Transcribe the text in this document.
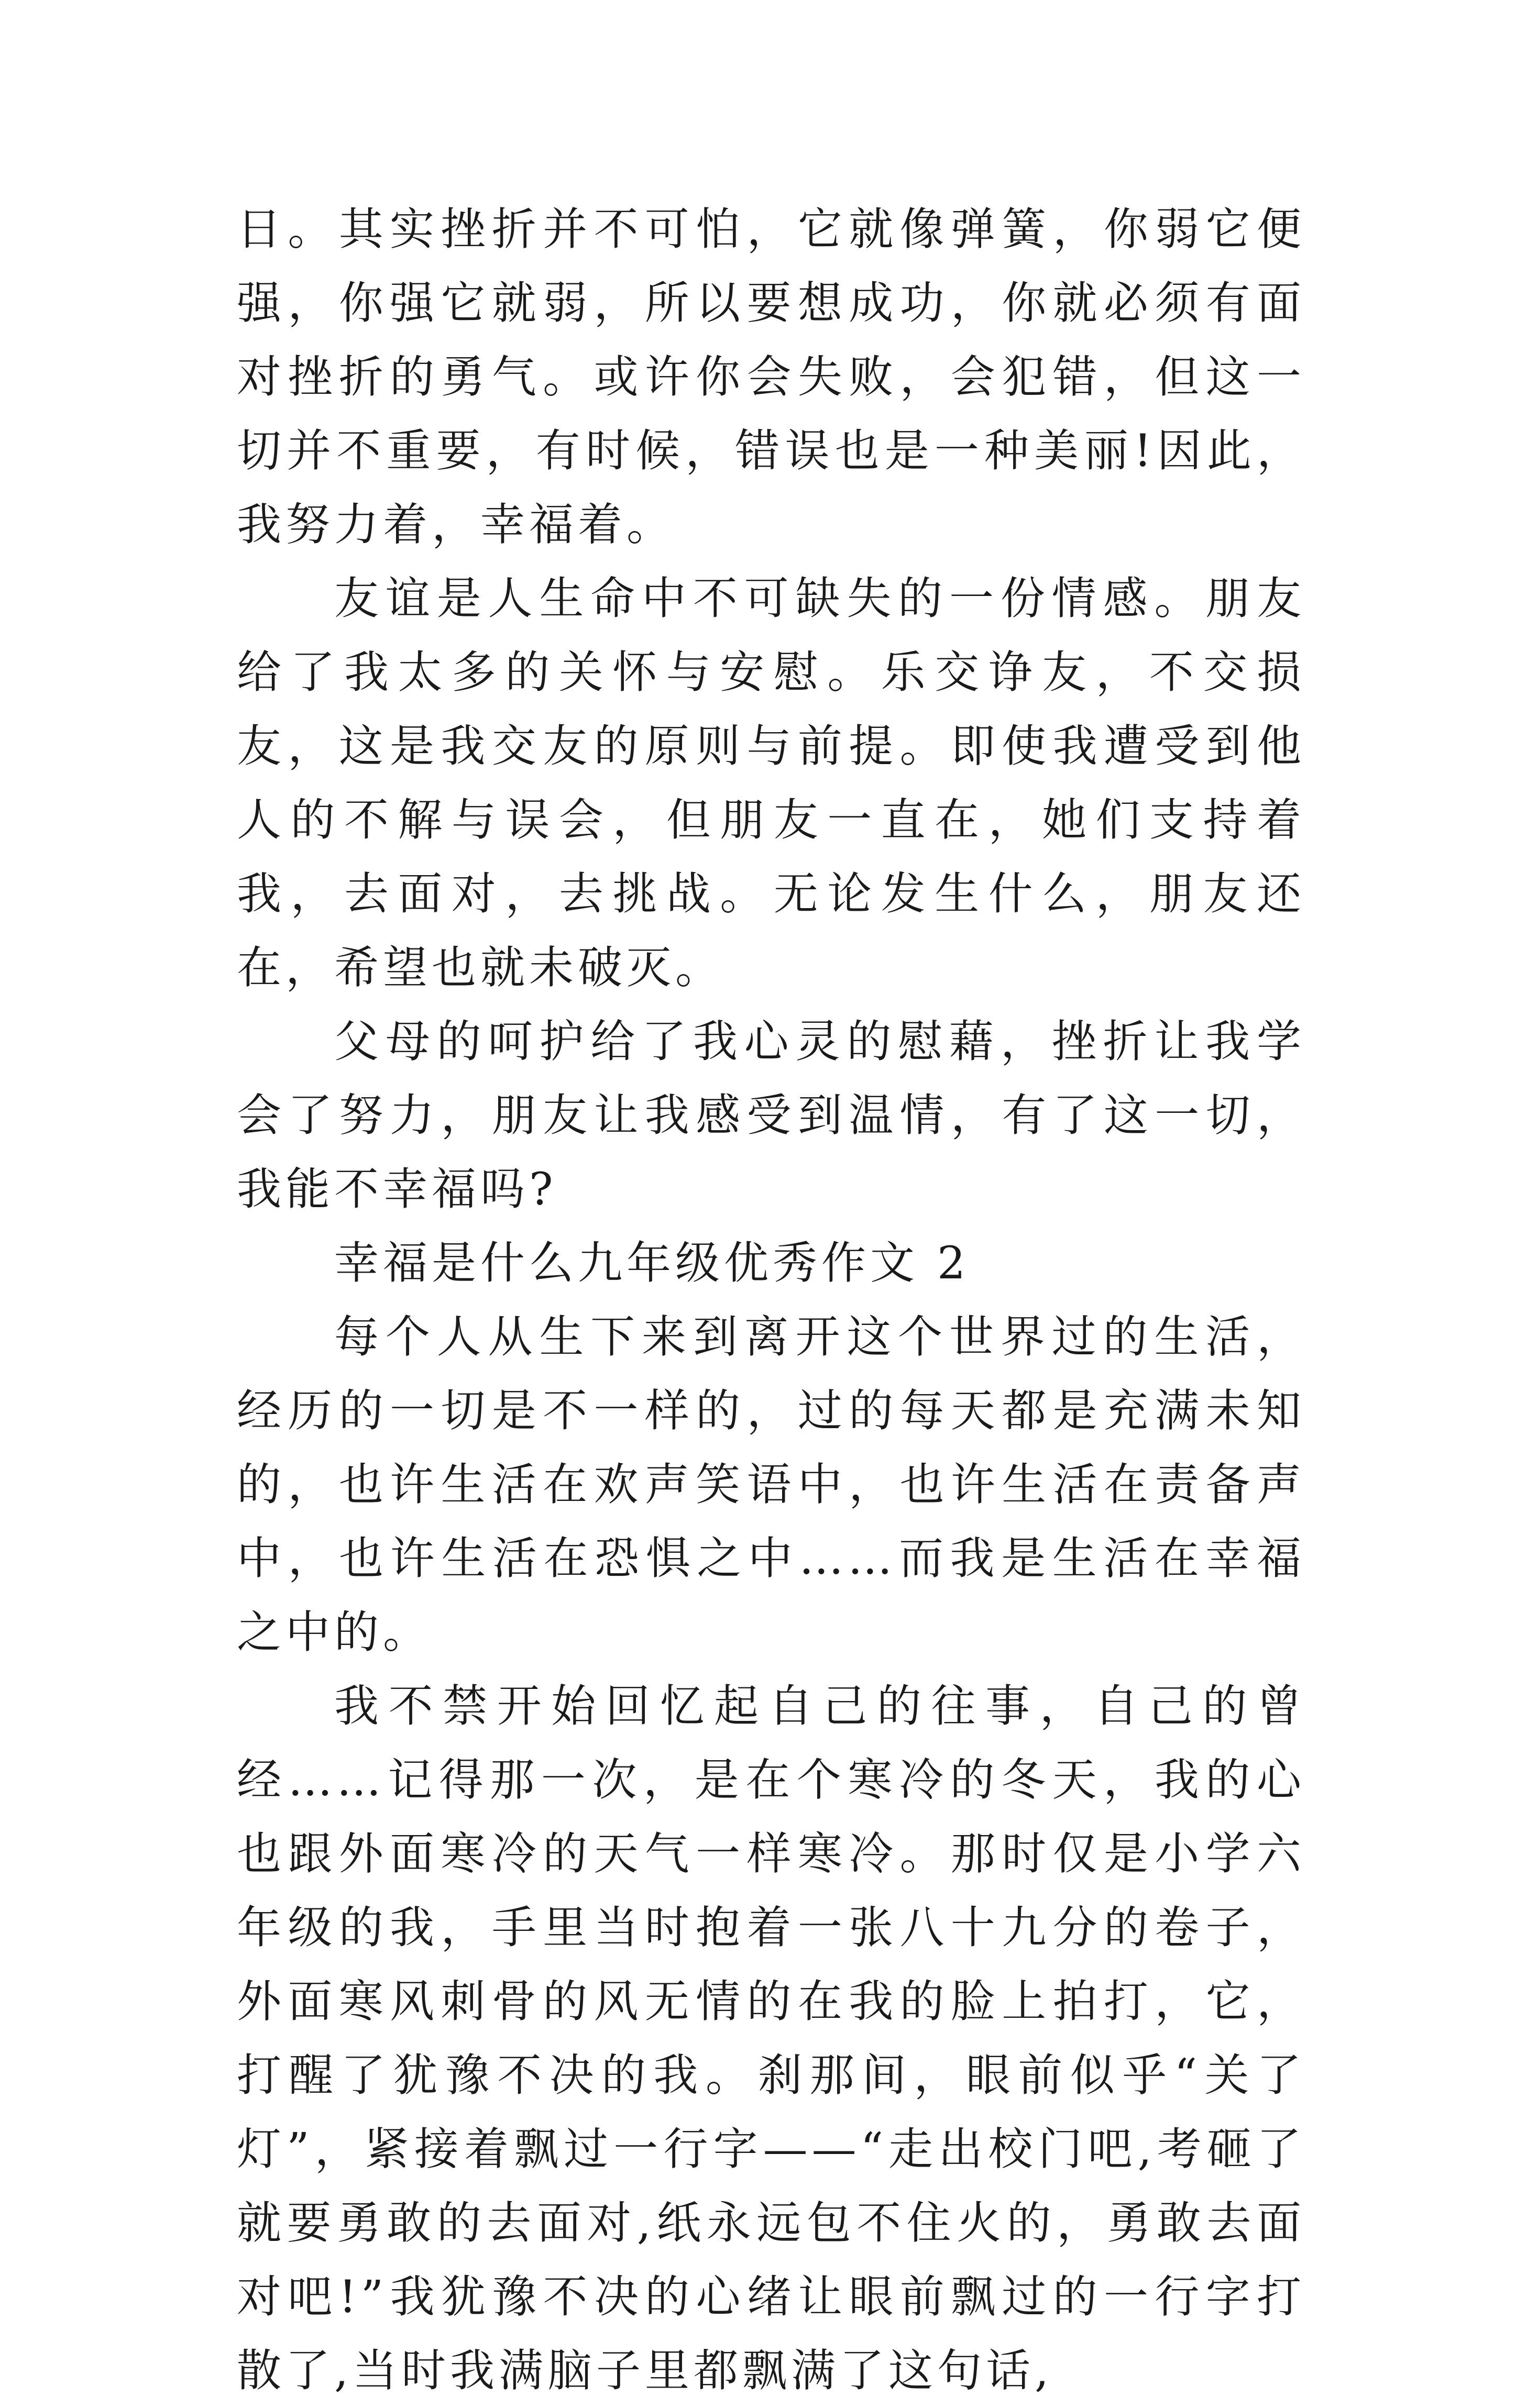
日。其实挫折并不可怕，它就像弹簧，你弱它便强，你强它就弱，所以要想成功，你就必须有面对挫折的勇气。或许你会失败，会犯错，但这一切并不重要，有时候，错误也是一种美丽!因此，我努力着，幸福着。

友谊是人生命中不可缺失的一份情感。朋友给了我太多的关怀与安慰。乐交诤友，不交损友，这是我交友的原则与前提。即使我遭受到他人的不解与误会，但朋友一直在，她们支持着我，去面对，去挑战。无论发生什么，朋友还在，希望也就未破灭。

父母的呵护给了我心灵的慰藉，挫折让我学会了努力，朋友让我感受到温情，有了这一切，我能不幸福吗?

幸福是什么九年级优秀作文 2

每个人从生下来到离开这个世界过的生活，经历的一切是不一样的，过的每天都是充满未知的，也许生活在欢声笑语中，也许生活在责备声中，也许生活在恐惧之中……而我是生活在幸福之中的。

我不禁开始回忆起自己的往事，自己的曾经……记得那一次，是在个寒冷的冬天，我的心也跟外面寒冷的天气一样寒冷。那时仅是小学六年级的我，手里当时抱着一张八十九分的卷子，外面寒风刺骨的风无情的在我的脸上拍打，它，打醒了犹豫不决的我。刹那间，眼前似乎“关了灯”，紧接着飘过一行字——“走出校门吧,考砸了就要勇敢的去面对,纸永远包不住火的，勇敢去面对吧!”我犹豫不决的心绪让眼前飘过的一行字打散了,当时我满脑子里都飘满了这句话,
